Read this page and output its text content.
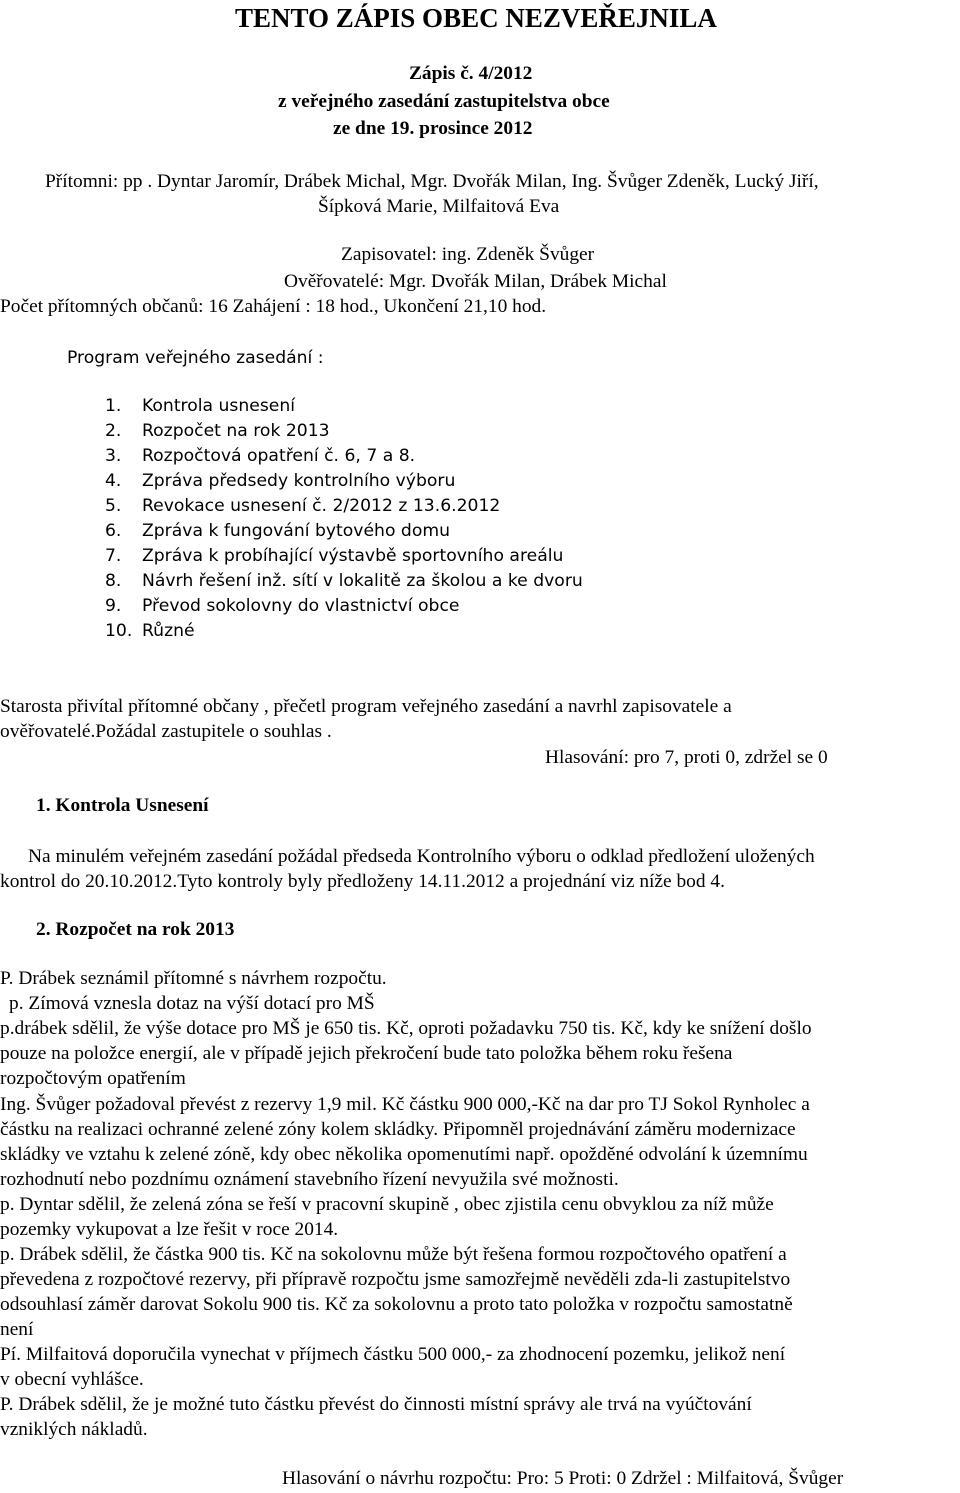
TENTO ZÁPIS OBEC NEZVEŘEJNILA
Zápis č. 4/2012
z veřejného zasedání zastupitelstva obce
ze dne 19. prosince 2012
Přítomni: pp . Dyntar Jaromír, Drábek Michal, Mgr. Dvořák Milan, Ing. Švůger Zdeněk, Lucký Jiří,
Šípková Marie, Milfaitová Eva
Zapisovatel: ing. Zdeněk Švůger
Ověřovatelé: Mgr. Dvořák Milan, Drábek Michal
Počet přítomných občanů: 16 Zahájení : 18 hod., Ukončení 21,10 hod.
Program veřejného zasedání :
1. Kontrola usnesení
2. Rozpočet na rok 2013
3. Rozpočtová opatření č. 6, 7 a 8.
4. Zpráva předsedy kontrolního výboru
5. Revokace usnesení č. 2/2012 z 13.6.2012
6. Zpráva k fungování bytového domu
7. Zpráva k probíhající výstavbě sportovního areálu
8. Návrh řešení inž. sítí v lokalitě za školou a ke dvoru
9. Převod sokolovny do vlastnictví obce
10. Různé
Starosta přivítal přítomné občany , přečetl program veřejného zasedání a navrhl zapisovatele a
ověřovatelé.Požádal zastupitele o souhlas .
Hlasování: pro 7, proti 0, zdržel se 0
1. Kontrola Usnesení
Na minulém veřejném zasedání požádal předseda Kontrolního výboru o odklad předložení uložených
kontrol do 20.10.2012.Tyto kontroly byly předloženy 14.11.2012 a projednání viz níže bod 4.
2. Rozpočet na rok 2013
P. Drábek seznámil přítomné s návrhem rozpočtu.
p. Zímová vznesla dotaz na výší dotací pro MŠ
p.drábek sdělil, že výše dotace pro MŠ je 650 tis. Kč, oproti požadavku 750 tis. Kč, kdy ke snížení došlo
pouze na položce energií, ale v případě jejich překročení bude tato položka během roku řešena
rozpočtovým opatřením
Ing. Švůger požadoval převést z rezervy 1,9 mil. Kč částku 900 000,-Kč na dar pro TJ Sokol Rynholec a
částku na realizaci ochranné zelené zóny kolem skládky. Připomněl projednávání záměru modernizace
skládky ve vztahu k zelené zóně, kdy obec několika opomenutími např. opožděné odvolání k územnímu
rozhodnutí nebo pozdnímu oznámení stavebního řízení nevyužila své možnosti.
p. Dyntar sdělil, že zelená zóna se řeší v pracovní skupině , obec zjistila cenu obvyklou za níž může
pozemky vykupovat a lze řešit v roce 2014.
p. Drábek sdělil, že částka 900 tis. Kč na sokolovnu může být řešena formou rozpočtového opatření a
převedena z rozpočtové rezervy, při přípravě rozpočtu jsme samozřejmě nevěděli zda-li zastupitelstvo
odsouhlasí záměr darovat Sokolu 900 tis. Kč za sokolovnu a proto tato položka v rozpočtu samostatně
není
Pí. Milfaitová doporučila vynechat v příjmech částku 500 000,- za zhodnocení pozemku, jelikož není
v obecní vyhlášce.
P. Drábek sdělil, že je možné tuto částku převést do činnosti místní správy ale trvá na vyúčtování
vzniklých nákladů.
Hlasování o návrhu rozpočtu: Pro: 5 Proti: 0 Zdržel : Milfaitová, Švůger
